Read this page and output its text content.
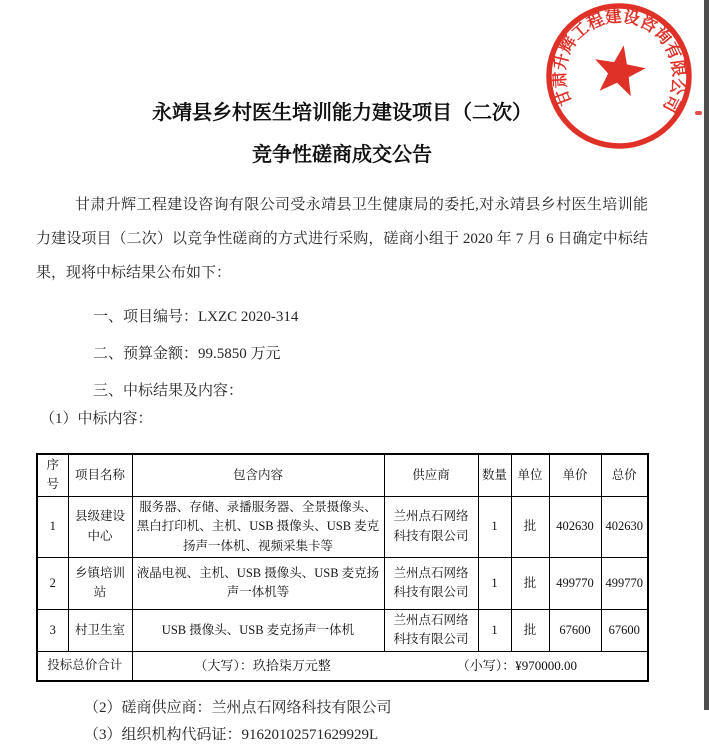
甘肃升辉工程建设咨询有限公司
永靖县乡村医生培训能力建设项目（二次）
竞争性磋商成交公告

甘肃升辉工程建设咨询有限公司受永靖县卫生健康局的委托,对永靖县乡村医生培训能力建设项目（二次）以竞争性磋商的方式进行采购，磋商小组于 2020 年 7 月 6 日确定中标结果，现将中标结果公布如下：

一、项目编号：LXZC 2020-314
二、预算金额：99.5850 万元
三、中标结果及内容：
（1）中标内容：
序号	项目名称	包含内容	供应商	数量	单位	单价	总价
1	县级建设中心	服务器、存储、录播服务器、全景摄像头、黑白打印机、主机、USB 摄像头、USB 麦克扬声一体机、视频采集卡等	兰州点石网络科技有限公司	1	批	402630	402630
2	乡镇培训站	液晶电视、主机、USB 摄像头、USB 麦克扬声一体机等	兰州点石网络科技有限公司	1	批	499770	499770
3	村卫生室	USB 摄像头、USB 麦克扬声一体机	兰州点石网络科技有限公司	1	批	67600	67600
投标总价合计		（大写）：玖拾柒万元整 （小写）：¥970000.00					
（2）磋商供应商：兰州点石网络科技有限公司
（3）组织机构代码证：91620102571629929L
